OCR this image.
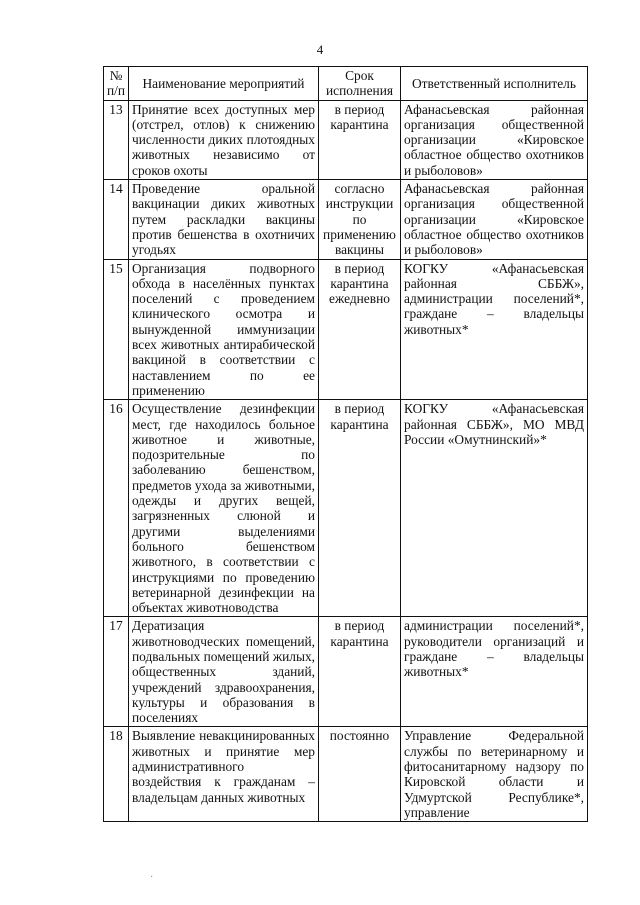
4
№ п/п	Наименование мероприятий	Срок исполнения	Ответственный исполнитель
13	Принятие всех доступных мер (отстрел, отлов) к снижению численности диких плотоядных животных независимо от сроков охоты	в период карантина	Афанасьевская районная организация общественной организации «Кировское областное общество охотников и рыболовов»
14	Проведение оральной вакцинации диких животных путем раскладки вакцины против бешенства в охотничих угодьях	согласно инструкции по применению вакцины	Афанасьевская районная организация общественной организации «Кировское областное общество охотников и рыболовов»
15	Организация подворного обхода в населённых пунктах поселений с проведением клинического осмотра и вынужденной иммунизации всех животных антирабической вакциной в соответствии с наставлением по ее применению	в период карантина ежедневно	КОГКУ «Афанасьевская районная СББЖ», администрации поселений*, граждане – владельцы животных*
16	Осуществление дезинфекции мест, где находилось больное животное и животные, подозрительные по заболеванию бешенством, предметов ухода за животными, одежды и других вещей, загрязненных слюной и другими выделениями больного бешенством животного, в соответствии с инструкциями по проведению ветеринарной дезинфекции на объектах животноводства	в период карантина	КОГКУ «Афанасьевская районная СББЖ», МО МВД России «Омутнинский»*
17	Дератизация животноводческих помещений, подвальных помещений жилых, общественных зданий, учреждений здравоохранения, культуры и образования в поселениях	в период карантина	администрации поселений*, руководители организаций и граждане – владельцы животных*
18	Выявление невакцинированных животных и принятие мер административного воздействия к гражданам – владельцам данных животных	постоянно	Управление Федеральной службы по ветеринарному и фитосанитарному надзору по Кировской области и Удмуртской Республике*, управление
·
